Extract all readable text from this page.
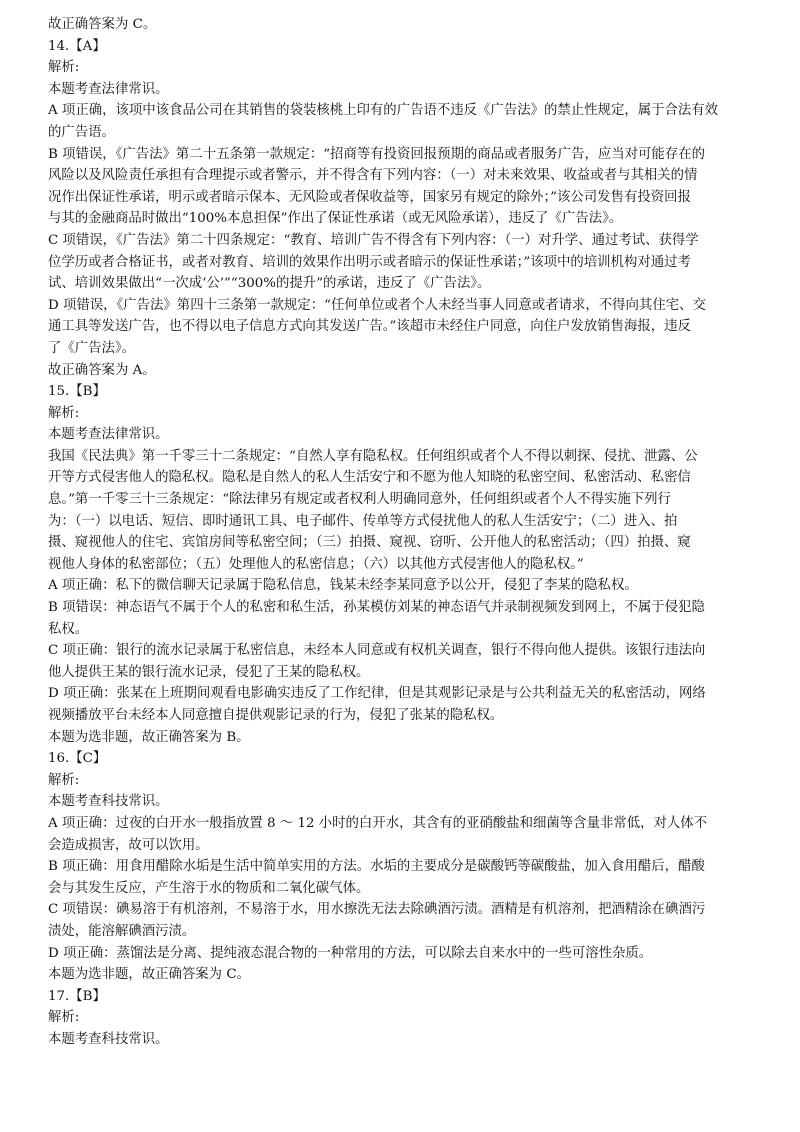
故正确答案为 C。
14.【A】
解析:
本题考查法律常识。
A 项正确，该项中该食品公司在其销售的袋装核桃上印有的广告语不违反《广告法》的禁止性规定，属于合法有效
的广告语。
B 项错误，《广告法》第二十五条第一款规定：“招商等有投资回报预期的商品或者服务广告，应当对可能存在的
风险以及风险责任承担有合理提示或者警示，并不得含有下列内容：（一）对未来效果、收益或者与其相关的情
况作出保证性承诺，明示或者暗示保本、无风险或者保收益等，国家另有规定的除外；”该公司发售有投资回报
与其的金融商品时做出“100%本息担保”作出了保证性承诺（或无风险承诺），违反了《广告法》。
C 项错误，《广告法》第二十四条规定：“教育、培训广告不得含有下列内容：（一）对升学、通过考试、获得学
位学历或者合格证书，或者对教育、培训的效果作出明示或者暗示的保证性承诺；”该项中的培训机构对通过考
试、培训效果做出“一次成‘公’”“300%的提升”的承诺，违反了《广告法》。
D 项错误，《广告法》第四十三条第一款规定：“任何单位或者个人未经当事人同意或者请求，不得向其住宅、交
通工具等发送广告，也不得以电子信息方式向其发送广告。”该超市未经住户同意，向住户发放销售海报，违反
了《广告法》。
故正确答案为 A。
15.【B】
解析:
本题考查法律常识。
我国《民法典》第一千零三十二条规定：“自然人享有隐私权。任何组织或者个人不得以刺探、侵扰、泄露、公
开等方式侵害他人的隐私权。隐私是自然人的私人生活安宁和不愿为他人知晓的私密空间、私密活动、私密信
息。”第一千零三十三条规定：“除法律另有规定或者权利人明确同意外，任何组织或者个人不得实施下列行
为：（一）以电话、短信、即时通讯工具、电子邮件、传单等方式侵扰他人的私人生活安宁；（二）进入、拍
摄、窥视他人的住宅、宾馆房间等私密空间；（三）拍摄、窥视、窃听、公开他人的私密活动；（四）拍摄、窥
视他人身体的私密部位；（五）处理他人的私密信息；（六）以其他方式侵害他人的隐私权。”
A 项正确：私下的微信聊天记录属于隐私信息，钱某未经李某同意予以公开，侵犯了李某的隐私权。
B 项错误：神态语气不属于个人的私密和私生活，孙某模仿刘某的神态语气并录制视频发到网上，不属于侵犯隐
私权。
C 项正确：银行的流水记录属于私密信息，未经本人同意或有权机关调查，银行不得向他人提供。该银行违法向
他人提供王某的银行流水记录，侵犯了王某的隐私权。
D 项正确：张某在上班期间观看电影确实违反了工作纪律，但是其观影记录是与公共利益无关的私密活动，网络
视频播放平台未经本人同意擅自提供观影记录的行为，侵犯了张某的隐私权。
本题为选非题，故正确答案为 B。
16.【C】
解析:
本题考查科技常识。
A 项正确：过夜的白开水一般指放置 8 ～ 12 小时的白开水，其含有的亚硝酸盐和细菌等含量非常低，对人体不
会造成损害，故可以饮用。
B 项正确：用食用醋除水垢是生活中简单实用的方法。水垢的主要成分是碳酸钙等碳酸盐，加入食用醋后，醋酸
会与其发生反应，产生溶于水的物质和二氧化碳气体。
C 项错误：碘易溶于有机溶剂，不易溶于水，用水擦洗无法去除碘酒污渍。酒精是有机溶剂，把酒精涂在碘酒污
渍处，能溶解碘酒污渍。
D 项正确：蒸馏法是分离、提纯液态混合物的一种常用的方法，可以除去自来水中的一些可溶性杂质。
本题为选非题，故正确答案为 C。
17.【B】
解析:
本题考查科技常识。
